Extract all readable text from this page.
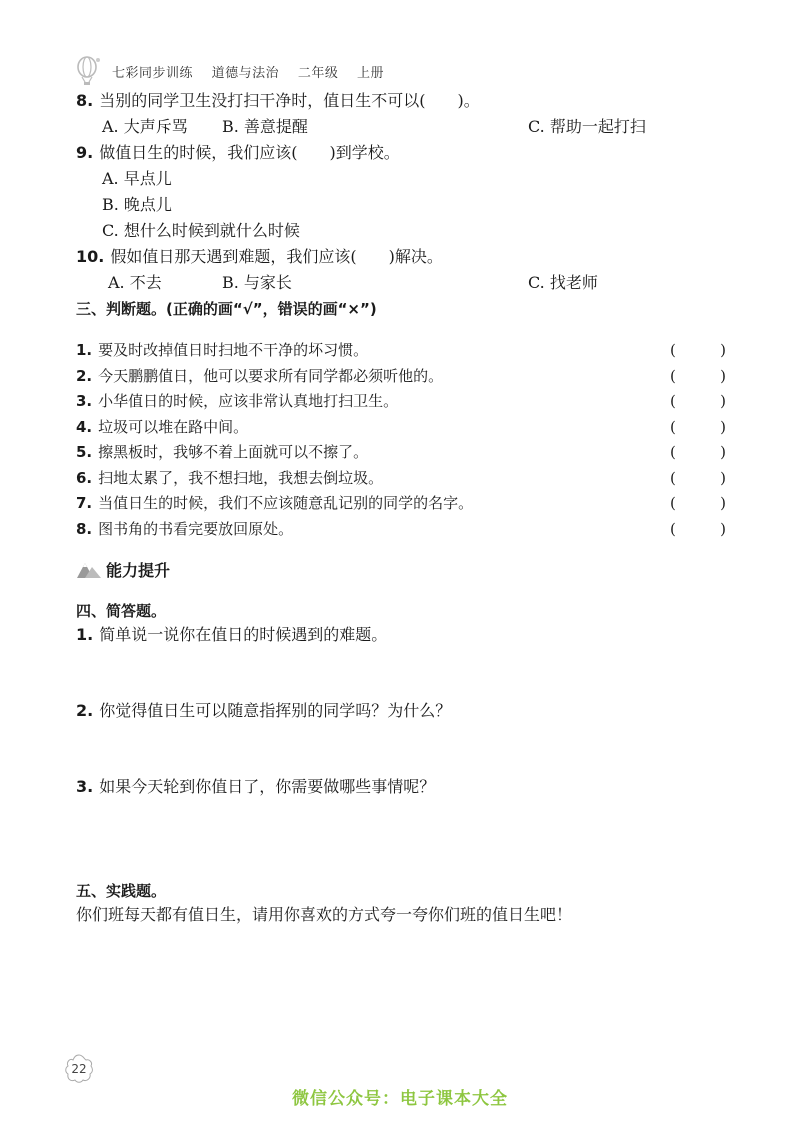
七彩同步训练 道德与法治 二年级 上册
8. 当别的同学卫生没打扫干净时，值日生不可以(　　)。
A. 大声斥骂 B. 善意提醒	C. 帮助一起打扫
9. 做值日生的时候，我们应该(　　)到学校。
A. 早点儿
B. 晚点儿
C. 想什么时候到就什么时候
10. 假如值日那天遇到难题，我们应该(　　)解决。
A. 不去	B. 与家长	C. 找老师
三、判断题。(正确的画“√”，错误的画“×”)
1. 要及时改掉值日时扫地不干净的坏习惯。	(	)
2. 今天鹏鹏值日，他可以要求所有同学都必须听他的。	(	)
3. 小华值日的时候，应该非常认真地打扫卫生。	(	)
4. 垃圾可以堆在路中间。	(	)
5. 擦黑板时，我够不着上面就可以不擦了。	(	)
6. 扫地太累了，我不想扫地，我想去倒垃圾。	(	)
7. 当值日生的时候，我们不应该随意乱记别的同学的名字。	(	)
8. 图书角的书看完要放回原处。	(	)
能力提升
四、简答题。
1. 简单说一说你在值日的时候遇到的难题。
2. 你觉得值日生可以随意指挥别的同学吗？为什么？
3. 如果今天轮到你值日了，你需要做哪些事情呢？
五、实践题。
你们班每天都有值日生，请用你喜欢的方式夸一夸你们班的值日生吧！
22
微信公众号：电子课本大全
